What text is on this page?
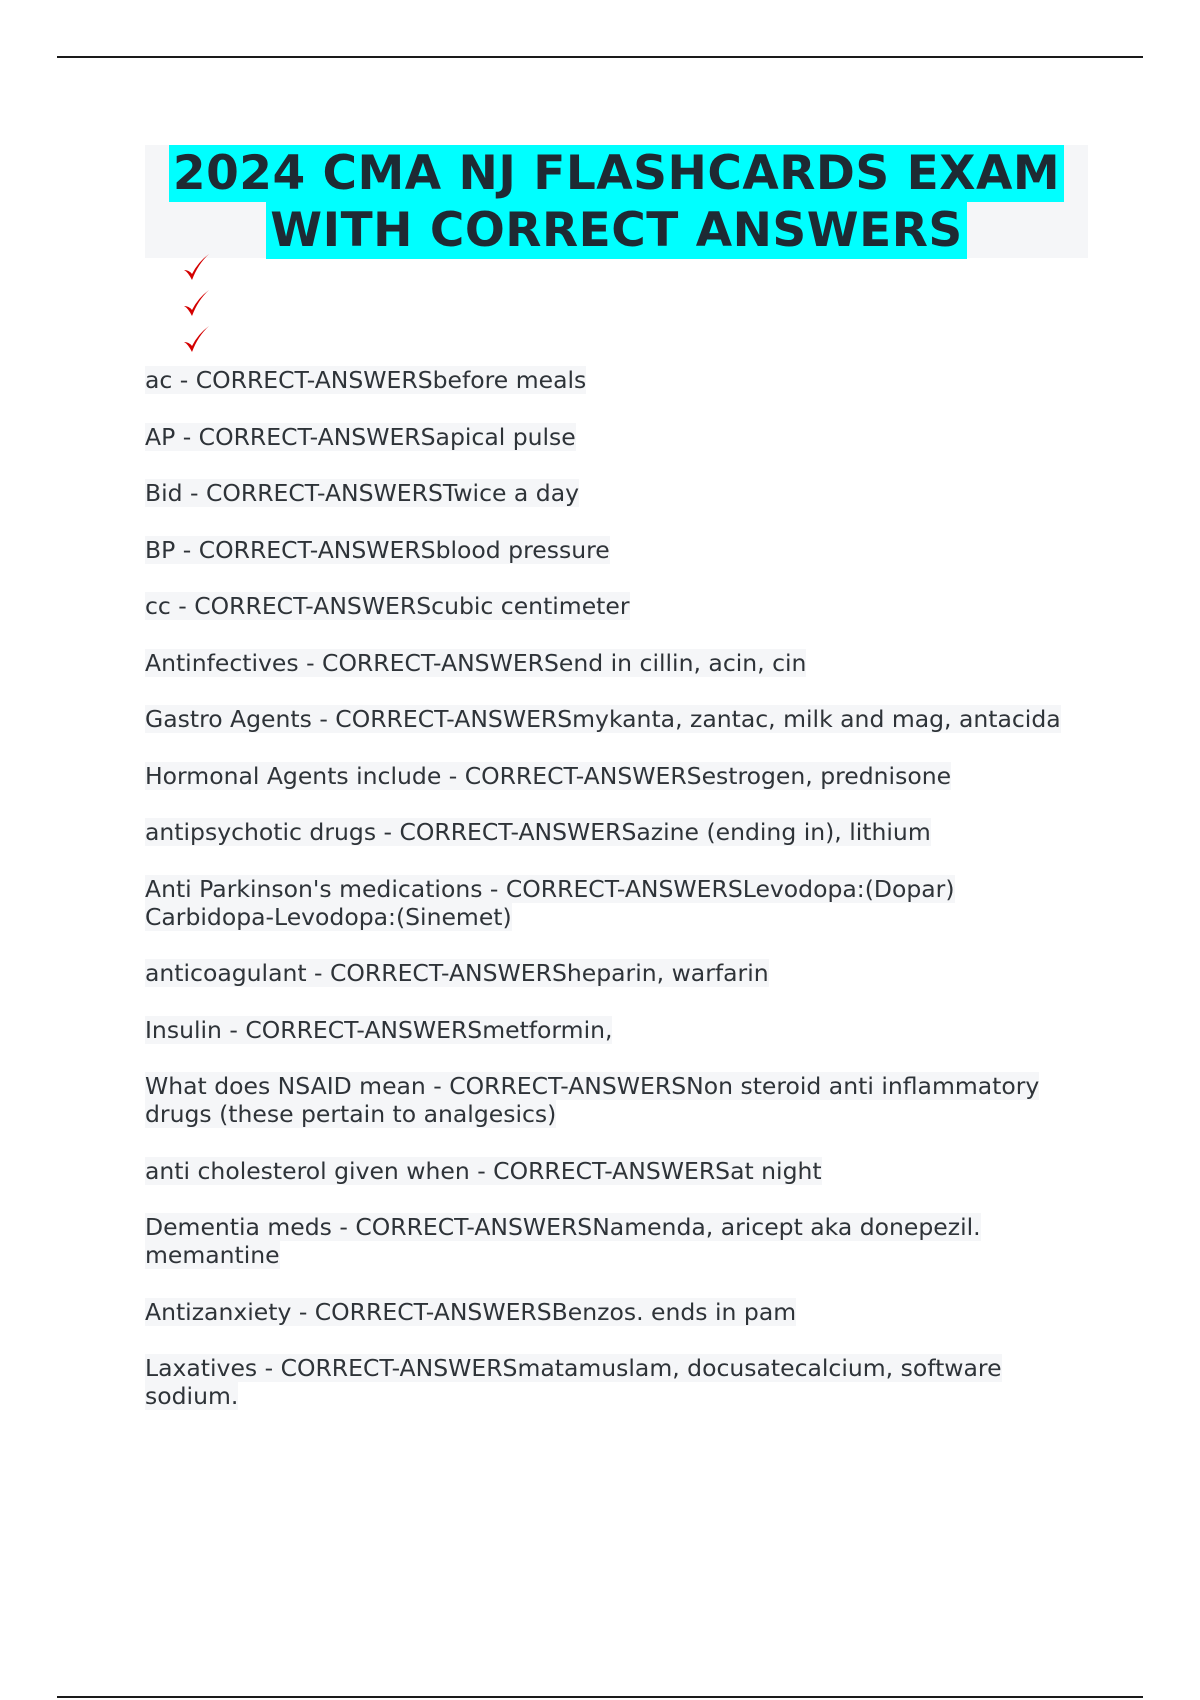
2024 CMA NJ FLASHCARDS EXAM
WITH CORRECT ANSWERS
ac - CORRECT-ANSWERSbefore meals
AP - CORRECT-ANSWERSapical pulse
Bid - CORRECT-ANSWERSTwice a day
BP - CORRECT-ANSWERSblood pressure
cc - CORRECT-ANSWERScubic centimeter
Antinfectives - CORRECT-ANSWERSend in cillin, acin, cin
Gastro Agents - CORRECT-ANSWERSmykanta, zantac, milk and mag, antacida
Hormonal Agents include - CORRECT-ANSWERSestrogen, prednisone
antipsychotic drugs - CORRECT-ANSWERSazine (ending in), lithium
Anti Parkinson's medications - CORRECT-ANSWERSLevodopa:(Dopar) Carbidopa-Levodopa:(Sinemet)
anticoagulant - CORRECT-ANSWERSheparin, warfarin
Insulin - CORRECT-ANSWERSmetformin,
What does NSAID mean - CORRECT-ANSWERSNon steroid anti inflammatory drugs (these pertain to analgesics)
anti cholesterol given when - CORRECT-ANSWERSat night
Dementia meds - CORRECT-ANSWERSNamenda, aricept aka donepezil. memantine
Antizanxiety - CORRECT-ANSWERSBenzos. ends in pam
Laxatives - CORRECT-ANSWERSmatamuslam, docusatecalcium, software sodium.
